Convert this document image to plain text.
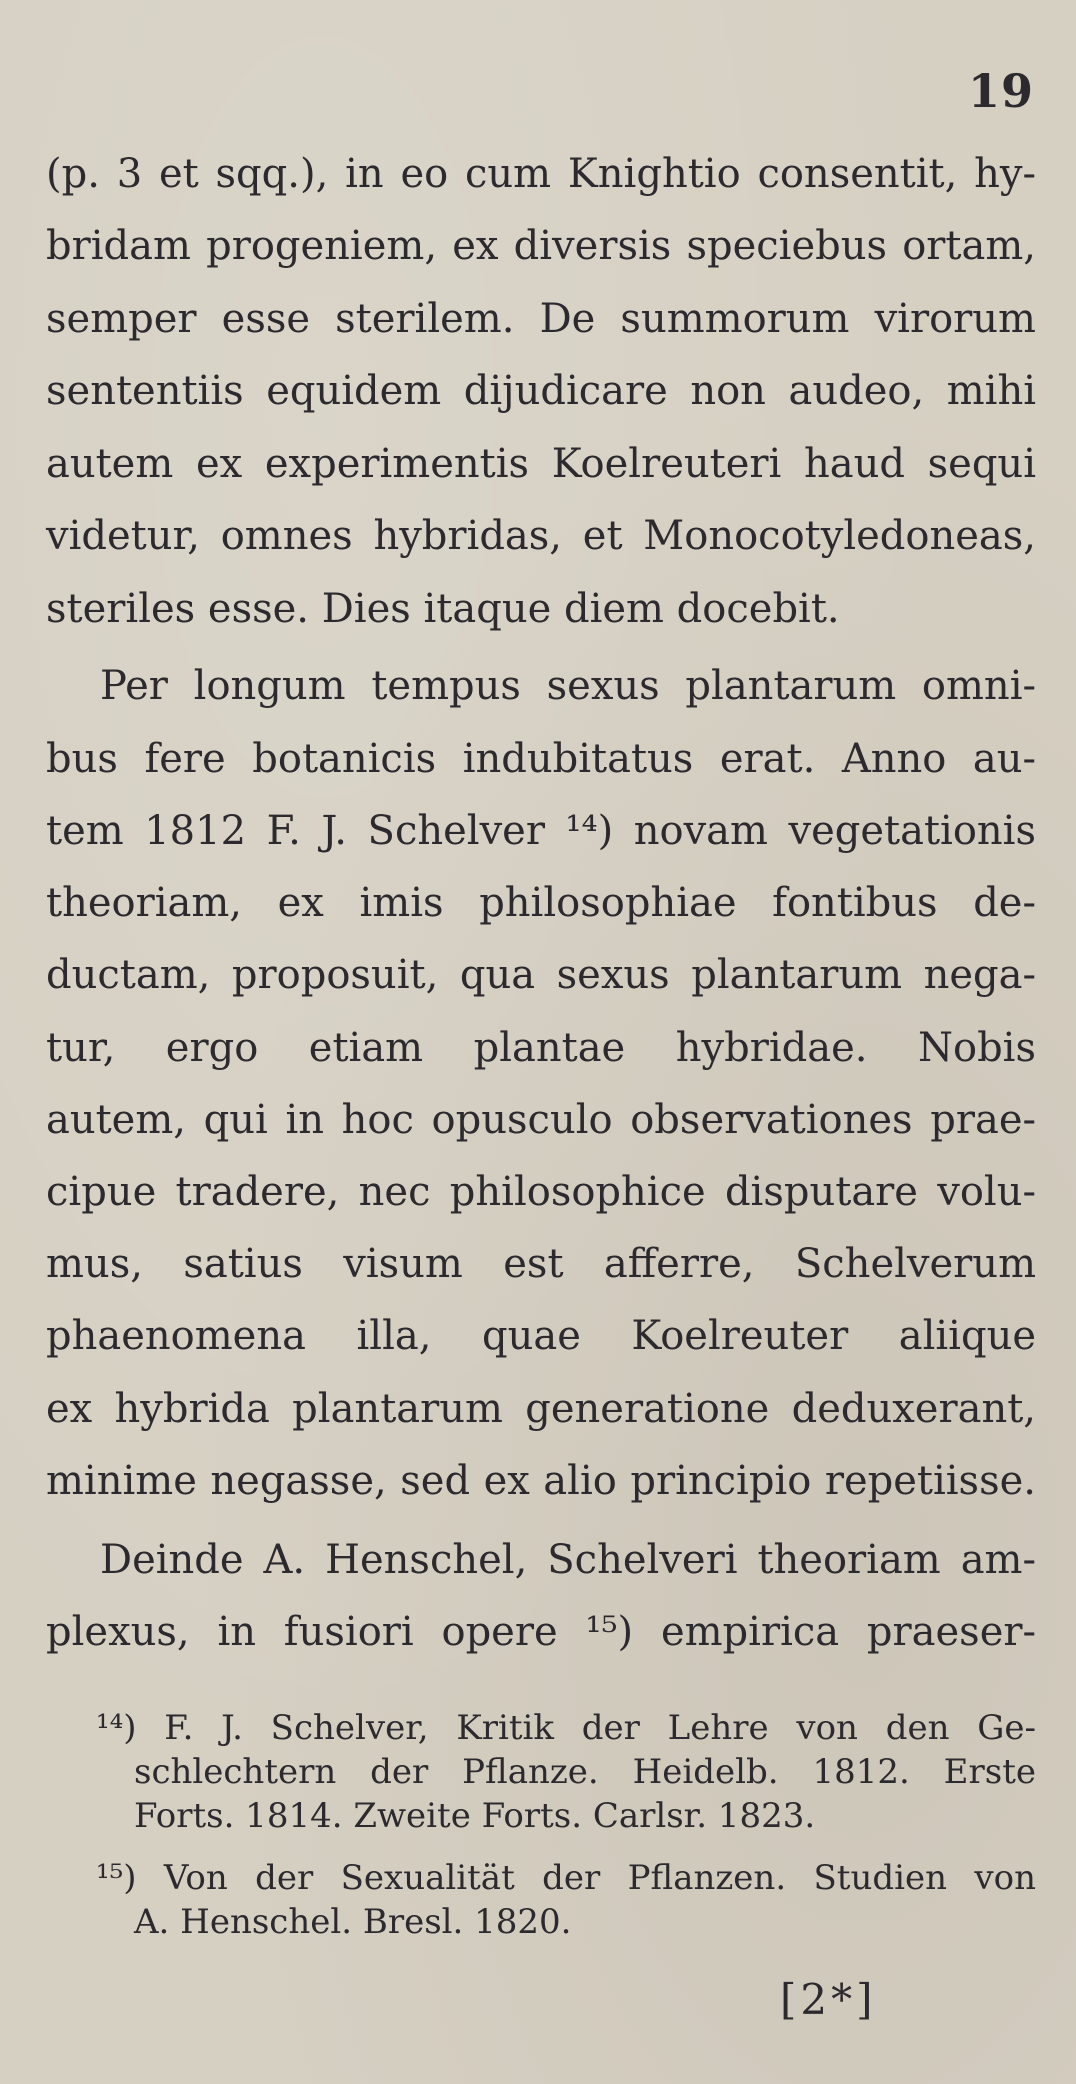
19
(p. 3 et sqq.), in eo cum Knightio consentit, hy-
bridam progeniem, ex diversis speciebus ortam,
semper esse sterilem. De summorum virorum
sententiis equidem dijudicare non audeo, mihi
autem ex experimentis Koelreuteri haud sequi
videtur, omnes hybridas, et Monocotyledoneas,
steriles esse. Dies itaque diem docebit.
Per longum tempus sexus plantarum omni-
bus fere botanicis indubitatus erat. Anno au-
tem 1812 F. J. Schelver ¹⁴) novam vegetationis
theoriam, ex imis philosophiae fontibus de-
ductam, proposuit, qua sexus plantarum nega-
tur, ergo etiam plantae hybridae. Nobis
autem, qui in hoc opusculo observationes prae-
cipue tradere, nec philosophice disputare volu-
mus, satius visum est afferre, Schelverum
phaenomena illa, quae Koelreuter aliique
ex hybrida plantarum generatione deduxerant,
minime negasse, sed ex alio principio repetiisse.
Deinde A. Henschel, Schelveri theoriam am-
plexus, in fusiori opere ¹⁵) empirica praeser-
¹⁴) F. J. Schelver, Kritik der Lehre von den Ge-
schlechtern der Pflanze. Heidelb. 1812. Erste
Forts. 1814. Zweite Forts. Carlsr. 1823.
¹⁵) Von der Sexualität der Pflanzen. Studien von
A. Henschel. Bresl. 1820.
[2*]
